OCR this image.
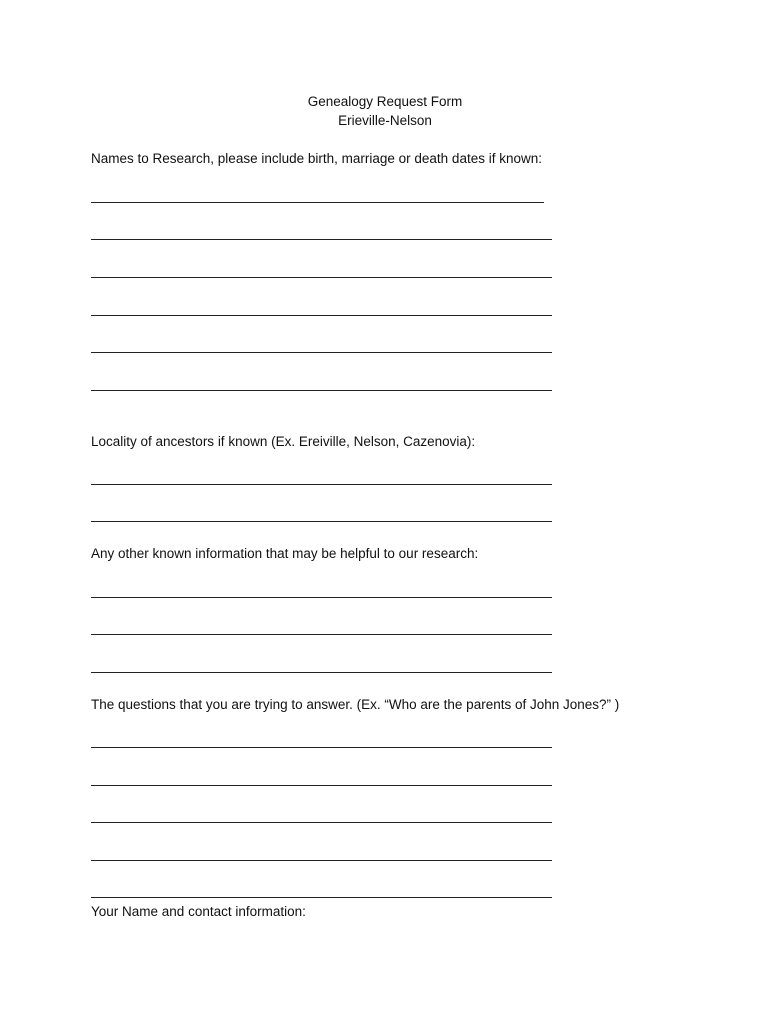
Genealogy Request Form
Erieville-Nelson

Names to Research, please include birth, marriage or death dates if known:

Locality of ancestors if known (Ex. Ereiville, Nelson, Cazenovia):

Any other known information that may be helpful to our research:

The questions that you are trying to answer. (Ex. “Who are the parents of John Jones?” )

Your Name and contact information:
